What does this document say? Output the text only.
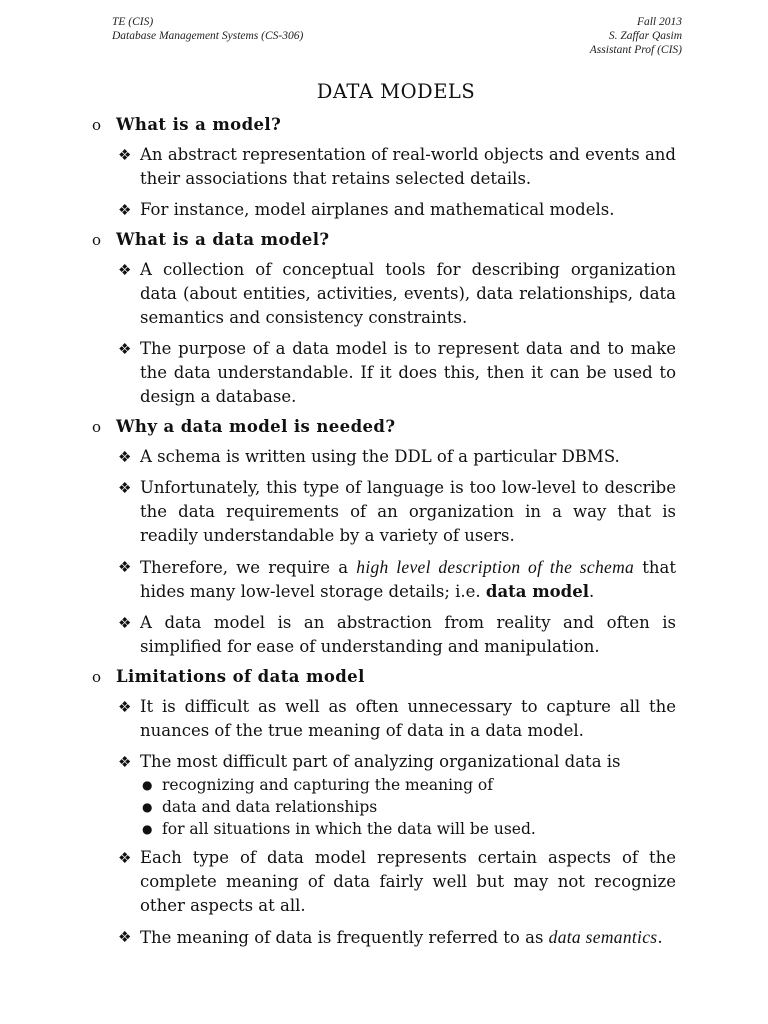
TE (CIS)
Database Management Systems (CS-306)
Fall 2013
S. Zaffar Qasim
Assistant Prof (CIS)
DATA MODELS
o What is a model?
❖ An abstract representation of real-world objects and events and their associations that retains selected details.
❖ For instance, model airplanes and mathematical models.
o What is a data model?
❖ A collection of conceptual tools for describing organization data (about entities, activities, events), data relationships, data semantics and consistency constraints.
❖ The purpose of a data model is to represent data and to make the data understandable. If it does this, then it can be used to design a database.
o Why a data model is needed?
❖ A schema is written using the DDL of a particular DBMS.
❖ Unfortunately, this type of language is too low-level to describe the data requirements of an organization in a way that is readily understandable by a variety of users.
❖ Therefore, we require a high level description of the schema that hides many low-level storage details; i.e. data model.
❖ A data model is an abstraction from reality and often is simplified for ease of understanding and manipulation.
o Limitations of data model
❖ It is difficult as well as often unnecessary to capture all the nuances of the true meaning of data in a data model.
❖ The most difficult part of analyzing organizational data is
● recognizing and capturing the meaning of
● data and data relationships
● for all situations in which the data will be used.
❖ Each type of data model represents certain aspects of the complete meaning of data fairly well but may not recognize other aspects at all.
❖ The meaning of data is frequently referred to as data semantics.
